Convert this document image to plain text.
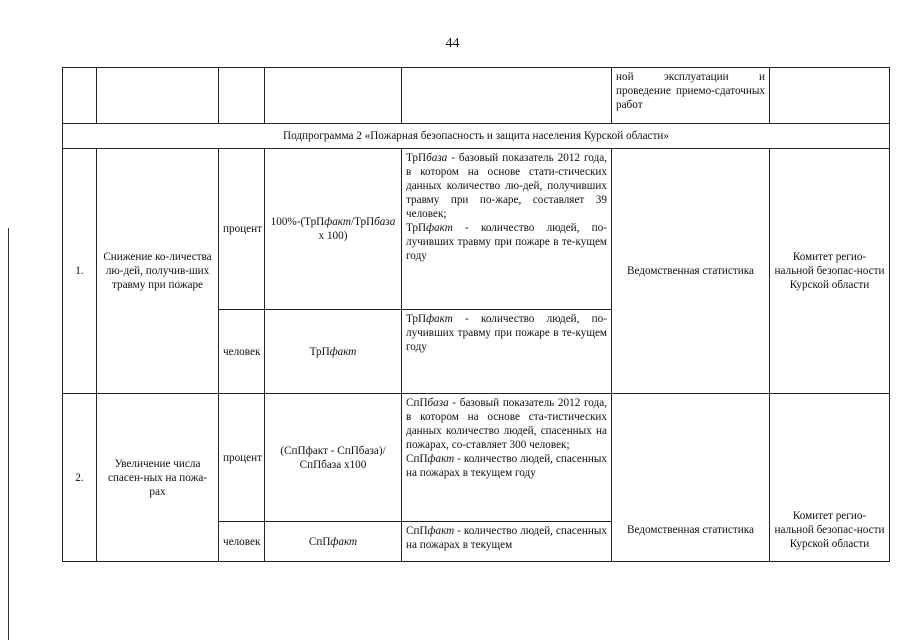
44
					ной эксплуатации и проведение приемо-сдаточных работ	
Подпрограмма 2 «Пожарная безопасность и защита населения Курской области»						
1.	Снижение ко-личества лю-дей, получив-ших травму при пожаре	процент	100%-(ТрПфакт/ТрПбаза x 100)	ТрПбаза - базовый показатель 2012 года, в котором на основе стати-стических данных количество лю-дей, получивших травму при по-жаре, составляет 39 человек;
ТрПфакт - количество людей, по-лучивших травму при пожаре в те-кущем году	Ведомственная статистика	Комитет регио-нальной безопас-ности Курской области
		человек	ТрПфакт	ТрПфакт - количество людей, по-лучивших травму при пожаре в те-кущем году		
2.	Увеличение числа спасен-ных на пожа-рах	процент	(СпПфакт - СпПбаза)/ СпПбаза x100	СпПбаза - базовый показатель 2012 года, в котором на основе ста-тистических данных количество людей, спасенных на пожарах, со-ставляет 300 человек;
СпПфакт - количество людей, спасенных на пожарах в текущем году	Ведомственная статистика	Комитет регио-нальной безопас-ности Курской области
		человек	СпПфакт	СпПфакт - количество людей, спасенных на пожарах в текущем		
